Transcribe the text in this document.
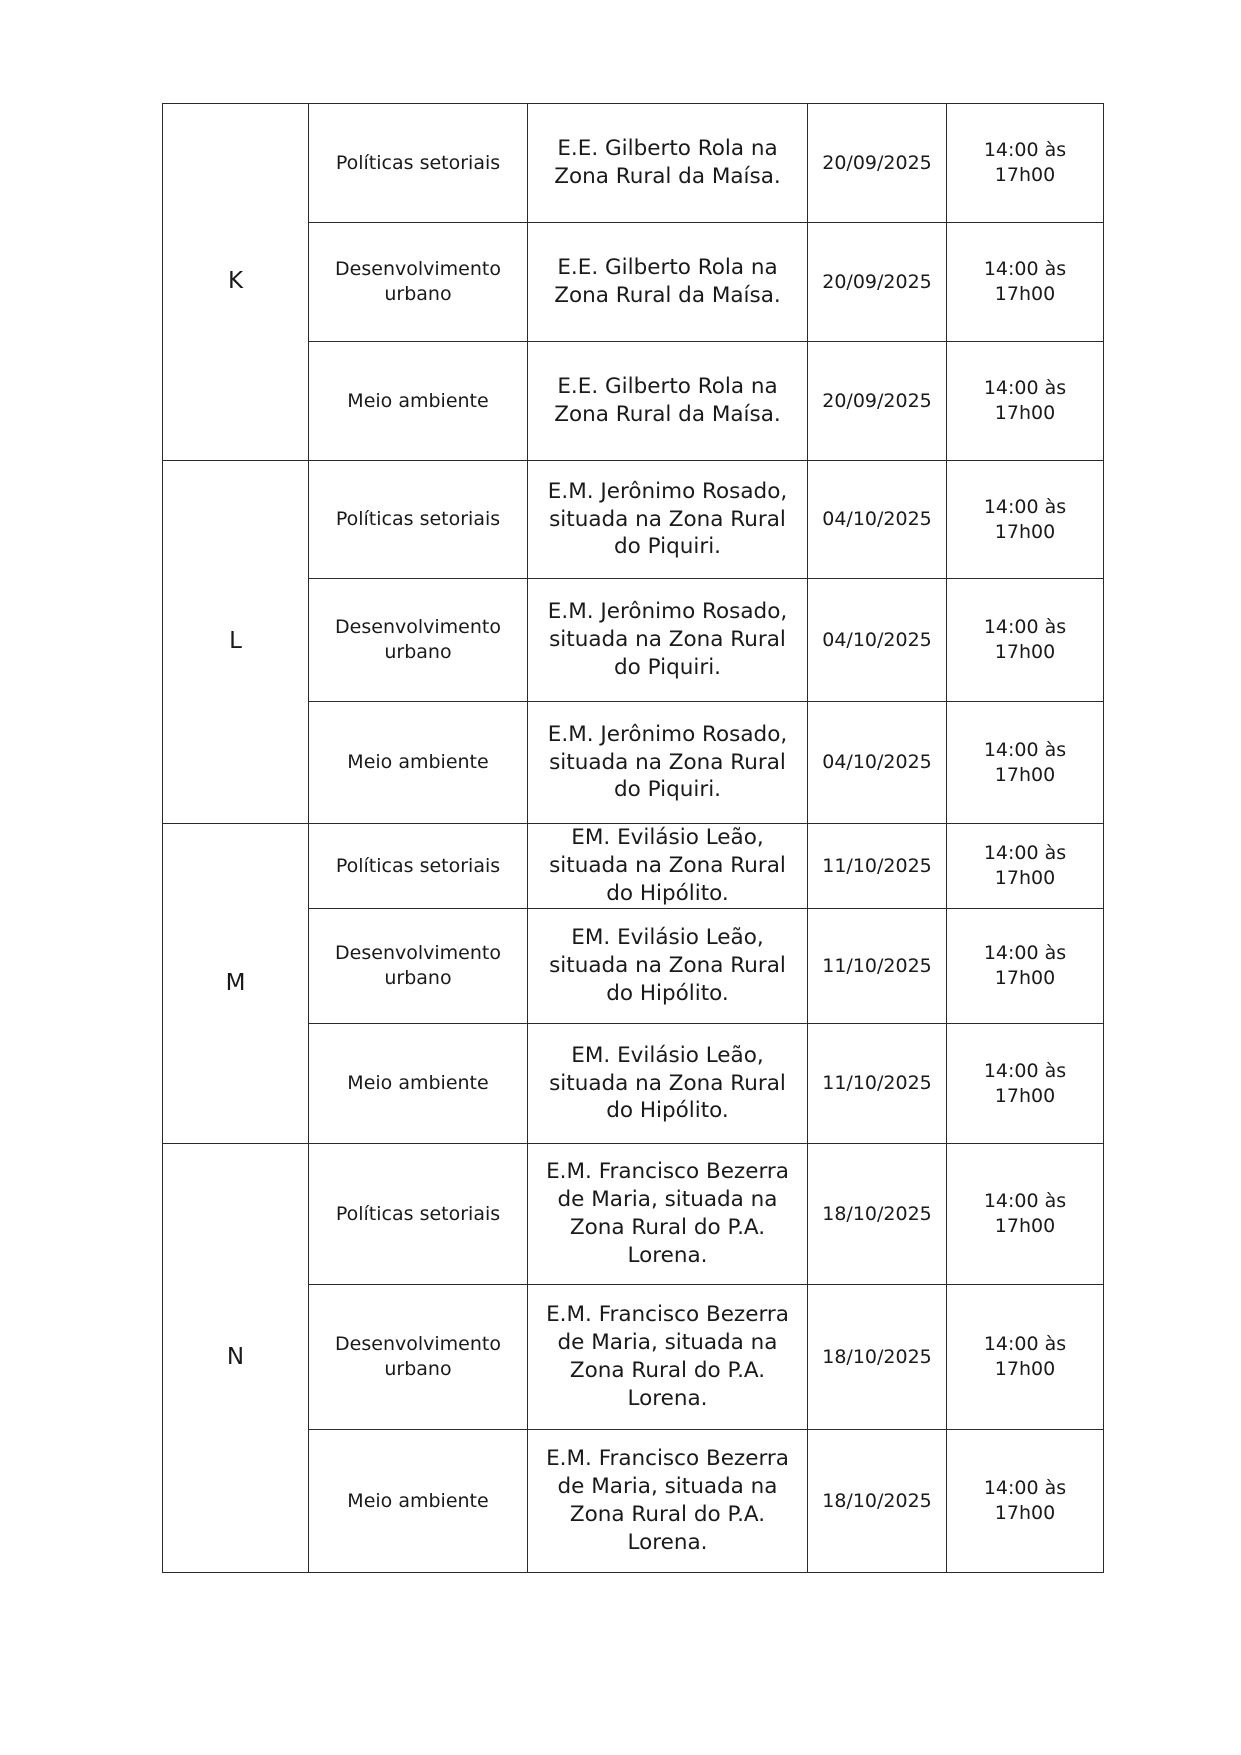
K	Políticas setoriais	E.E. Gilberto Rola na Zona Rural da Maísa.	20/09/2025	14:00 às
17h00

	Desenvolvimento urbano	E.E. Gilberto Rola na Zona Rural da Maísa.	20/09/2025	14:00 às
17h00

	Meio ambiente	E.E. Gilberto Rola na Zona Rural da Maísa.	20/09/2025	14:00 às
17h00

L	Políticas setoriais	E.M. Jerônimo Rosado, situada na Zona Rural do Piquiri.	04/10/2025	14:00 às
17h00

	Desenvolvimento urbano	E.M. Jerônimo Rosado, situada na Zona Rural do Piquiri.	04/10/2025	14:00 às
17h00

	Meio ambiente	E.M. Jerônimo Rosado, situada na Zona Rural do Piquiri.	04/10/2025	14:00 às
17h00

M	Políticas setoriais	EM. Evilásio Leão, situada na Zona Rural do Hipólito.	11/10/2025	14:00 às
17h00

	Desenvolvimento urbano	EM. Evilásio Leão, situada na Zona Rural do Hipólito.	11/10/2025	14:00 às
17h00

	Meio ambiente	EM. Evilásio Leão, situada na Zona Rural do Hipólito.	11/10/2025	14:00 às
17h00

N	Políticas setoriais	E.M. Francisco Bezerra de Maria, situada na Zona Rural do P.A. Lorena.	18/10/2025	14:00 às
17h00

	Desenvolvimento urbano	E.M. Francisco Bezerra de Maria, situada na Zona Rural do P.A. Lorena.	18/10/2025	14:00 às
17h00

	Meio ambiente	E.M. Francisco Bezerra de Maria, situada na Zona Rural do P.A. Lorena.	18/10/2025	14:00 às
17h00
